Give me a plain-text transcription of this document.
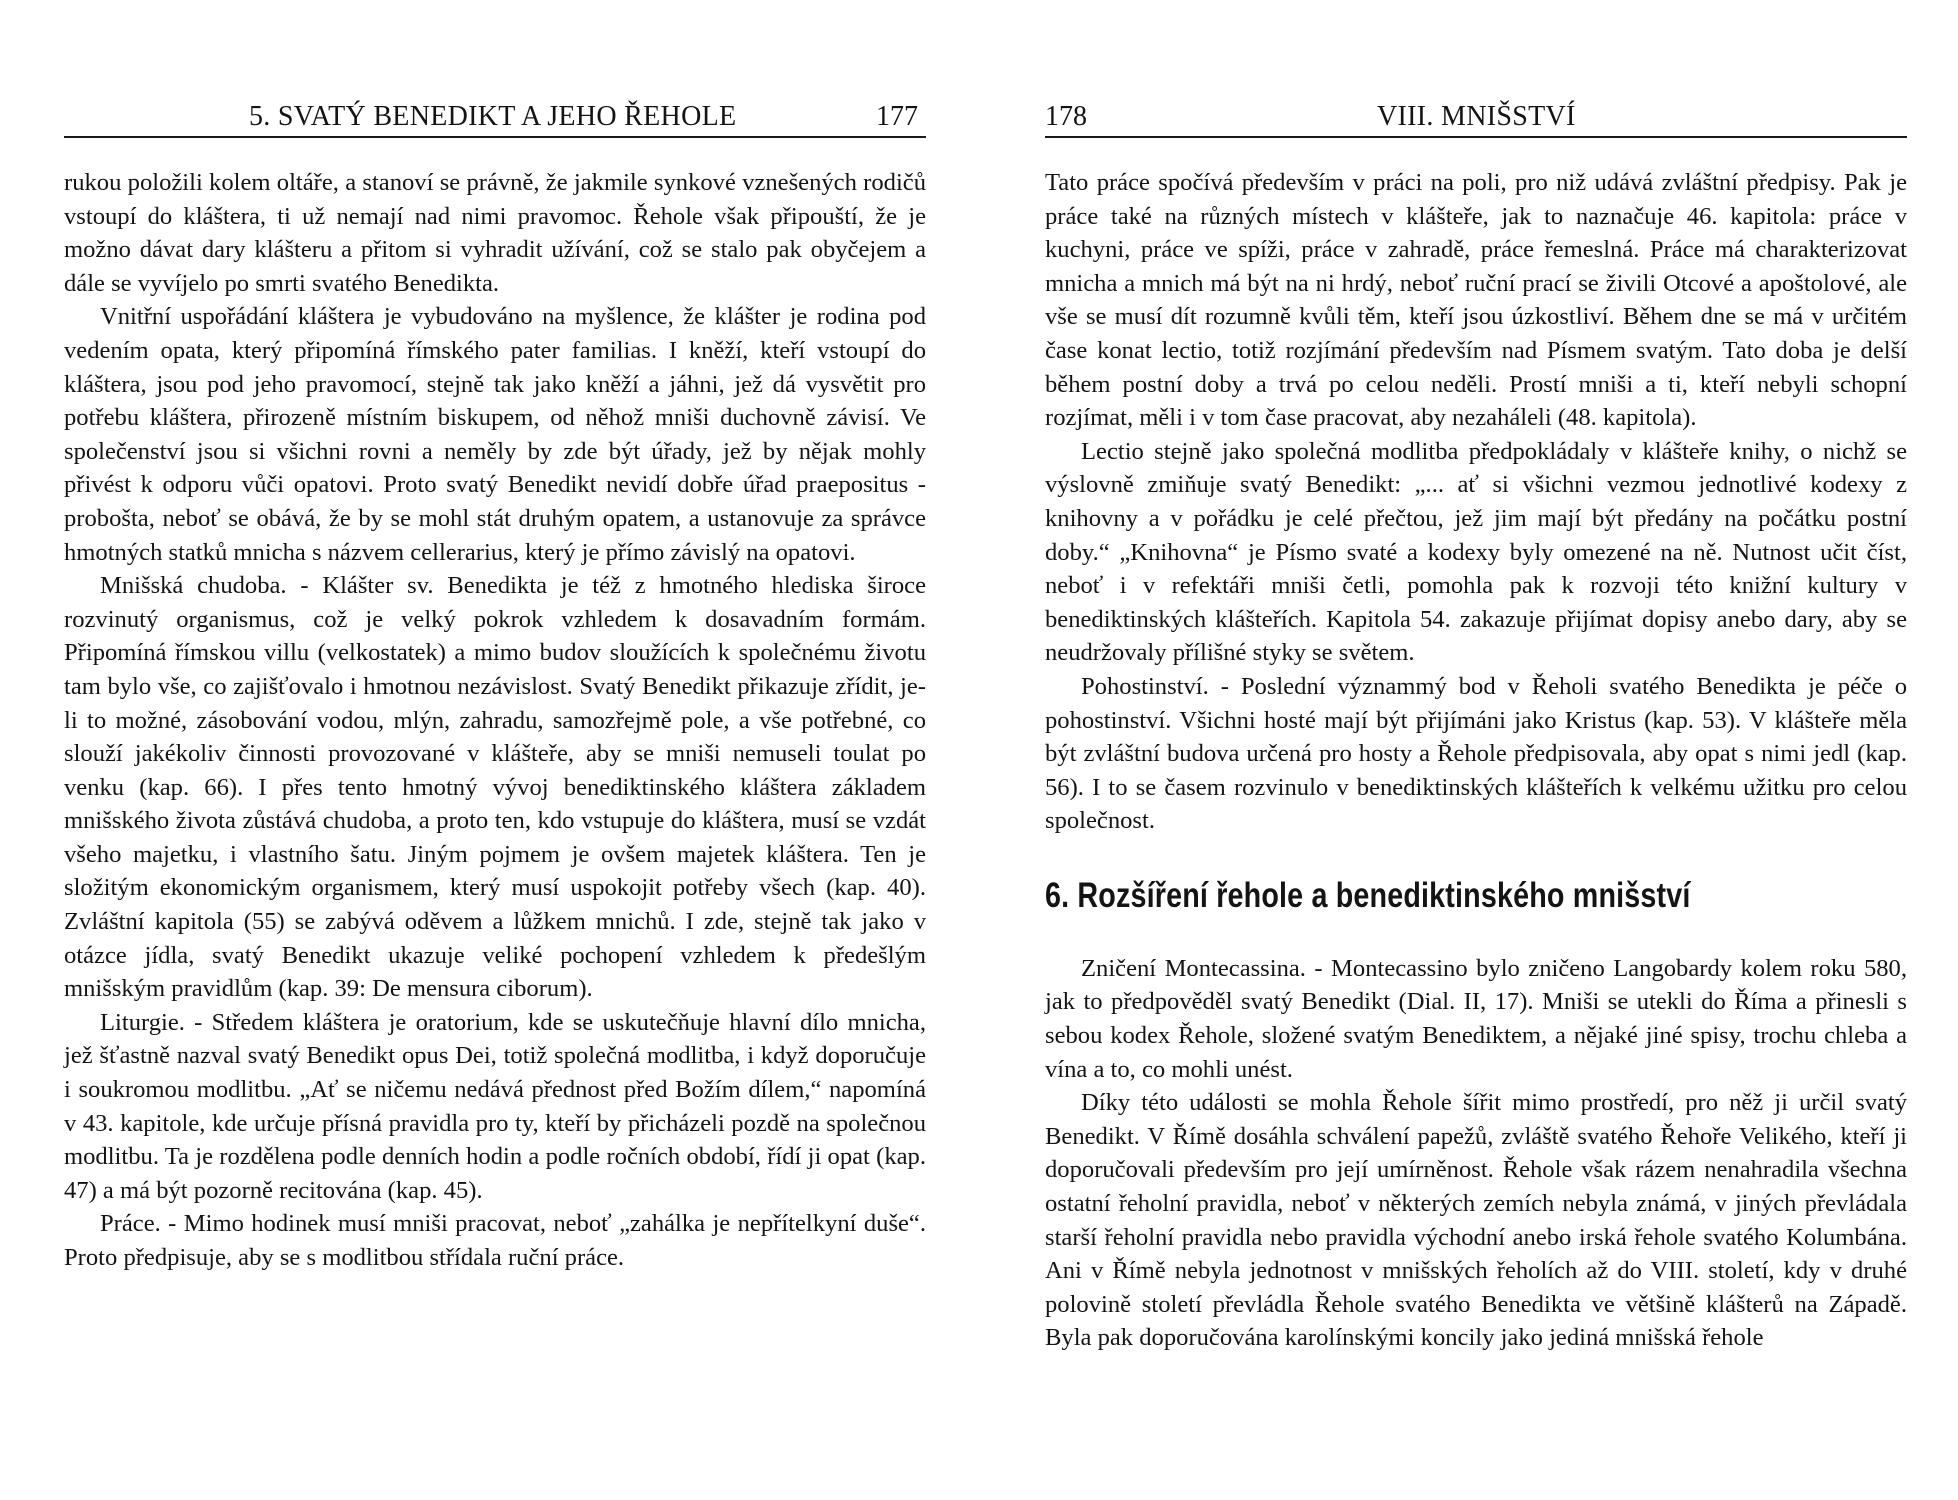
5. SVATÝ BENEDIKT A JEHO ŘEHOLE	177

rukou položili kolem oltáře, a stanoví se právně, že jakmile synkové vznešených rodičů vstoupí do kláštera, ti už nemají nad nimi pravomoc. Řehole však připouští, že je možno dávat dary klášteru a přitom si vyhradit užívání, což se stalo pak obyčejem a dále se vyvíjelo po smrti svatého Benedikta.

Vnitřní uspořádání kláštera je vybudováno na myšlence, že klášter je rodina pod vedením opata, který připomíná římského pater familias. I kněží, kteří vstoupí do kláštera, jsou pod jeho pravomocí, stejně tak jako kněží a jáhni, jež dá vysvětit pro potřebu kláštera, přirozeně místním biskupem, od něhož mniši duchovně závisí. Ve společenství jsou si všichni rovni a neměly by zde být úřady, jež by nějak mohly přivést k odporu vůči opatovi. Proto svatý Benedikt nevidí dobře úřad praepositus - probošta, neboť se obává, že by se mohl stát druhým opatem, a ustanovuje za správce hmotných statků mnicha s názvem cellerarius, který je přímo závislý na opatovi.

Mnišská chudoba. - Klášter sv. Benedikta je též z hmotného hlediska široce rozvinutý organismus, což je velký pokrok vzhledem k dosavadním formám. Připomíná římskou villu (velkostatek) a mimo budov sloužících k společnému životu tam bylo vše, co zajišťovalo i hmotnou nezávislost. Svatý Benedikt přikazuje zřídit, je-li to možné, zásobování vodou, mlýn, zahradu, samozřejmě pole, a vše potřebné, co slouží jakékoliv činnosti provozované v klášteře, aby se mniši nemuseli toulat po venku (kap. 66). I přes tento hmotný vývoj benediktinského kláštera základem mnišského života zůstává chudoba, a proto ten, kdo vstupuje do kláštera, musí se vzdát všeho majetku, i vlastního šatu. Jiným pojmem je ovšem majetek kláštera. Ten je složitým ekonomickým organismem, který musí uspokojit potřeby všech (kap. 40). Zvláštní kapitola (55) se zabývá oděvem a lůžkem mnichů. I zde, stejně tak jako v otázce jídla, svatý Benedikt ukazuje veliké pochopení vzhledem k předešlým mnišským pravidlům (kap. 39: De mensura ciborum).

Liturgie. - Středem kláštera je oratorium, kde se uskutečňuje hlavní dílo mnicha, jež šťastně nazval svatý Benedikt opus Dei, totiž společná modlitba, i když doporučuje i soukromou modlitbu. „Ať se ničemu nedává přednost před Božím dílem,“ napomíná v 43. kapitole, kde určuje přísná pravidla pro ty, kteří by přicházeli pozdě na společnou modlitbu. Ta je rozdělena podle denních hodin a podle ročních období, řídí ji opat (kap. 47) a má být pozorně recitována (kap. 45).

Práce. - Mimo hodinek musí mniši pracovat, neboť „zahálka je nepřítelkyní duše“. Proto předpisuje, aby se s modlitbou střídala ruční práce.

178	VIII. MNIŠSTVÍ

Tato práce spočívá především v práci na poli, pro niž udává zvláštní předpisy. Pak je práce také na různých místech v klášteře, jak to naznačuje 46. kapitola: práce v kuchyni, práce ve spíži, práce v zahradě, práce řemeslná. Práce má charakterizovat mnicha a mnich má být na ni hrdý, neboť ruční prací se živili Otcové a apoštolové, ale vše se musí dít rozumně kvůli těm, kteří jsou úzkostliví. Během dne se má v určitém čase konat lectio, totiž rozjímání především nad Písmem svatým. Tato doba je delší během postní doby a trvá po celou neděli. Prostí mniši a ti, kteří nebyli schopní rozjímat, měli i v tom čase pracovat, aby nezaháleli (48. kapitola).

Lectio stejně jako společná modlitba předpokládaly v klášteře knihy, o nichž se výslovně zmiňuje svatý Benedikt: „... ať si všichni vezmou jednotlivé kodexy z knihovny a v pořádku je celé přečtou, jež jim mají být předány na počátku postní doby.“ „Knihovna“ je Písmo svaté a kodexy byly omezené na ně. Nutnost učit číst, neboť i v refektáři mniši četli, pomohla pak k rozvoji této knižní kultury v benediktinských klášteřích. Kapitola 54. zakazuje přijímat dopisy anebo dary, aby se neudržovaly přílišné styky se světem.

Pohostinství. - Poslední význammý bod v Řeholi svatého Benedikta je péče o pohostinství. Všichni hosté mají být přijímáni jako Kristus (kap. 53). V klášteře měla být zvláštní budova určená pro hosty a Řehole předpisovala, aby opat s nimi jedl (kap. 56). I to se časem rozvinulo v benediktinských klášteřích k velkému užitku pro celou společnost.

6. Rozšíření řehole a benediktinského mnišství

Zničení Montecassina. - Montecassino bylo zničeno Langobardy kolem roku 580, jak to předpověděl svatý Benedikt (Dial. II, 17). Mniši se utekli do Říma a přinesli s sebou kodex Řehole, složené svatým Benediktem, a nějaké jiné spisy, trochu chleba a vína a to, co mohli unést.

Díky této události se mohla Řehole šířit mimo prostředí, pro něž ji určil svatý Benedikt. V Římě dosáhla schválení papežů, zvláště svatého Řehoře Velikého, kteří ji doporučovali především pro její umírněnost. Řehole však rázem nenahradila všechna ostatní řeholní pravidla, neboť v některých zemích nebyla známá, v jiných převládala starší řeholní pravidla nebo pravidla východní anebo irská řehole svatého Kolumbána. Ani v Římě nebyla jednotnost v mnišských řeholích až do VIII. století, kdy v druhé polovině století převládla Řehole svatého Benedikta ve většině klášterů na Západě. Byla pak doporučována karolínskými koncily jako jediná mnišská řehole
